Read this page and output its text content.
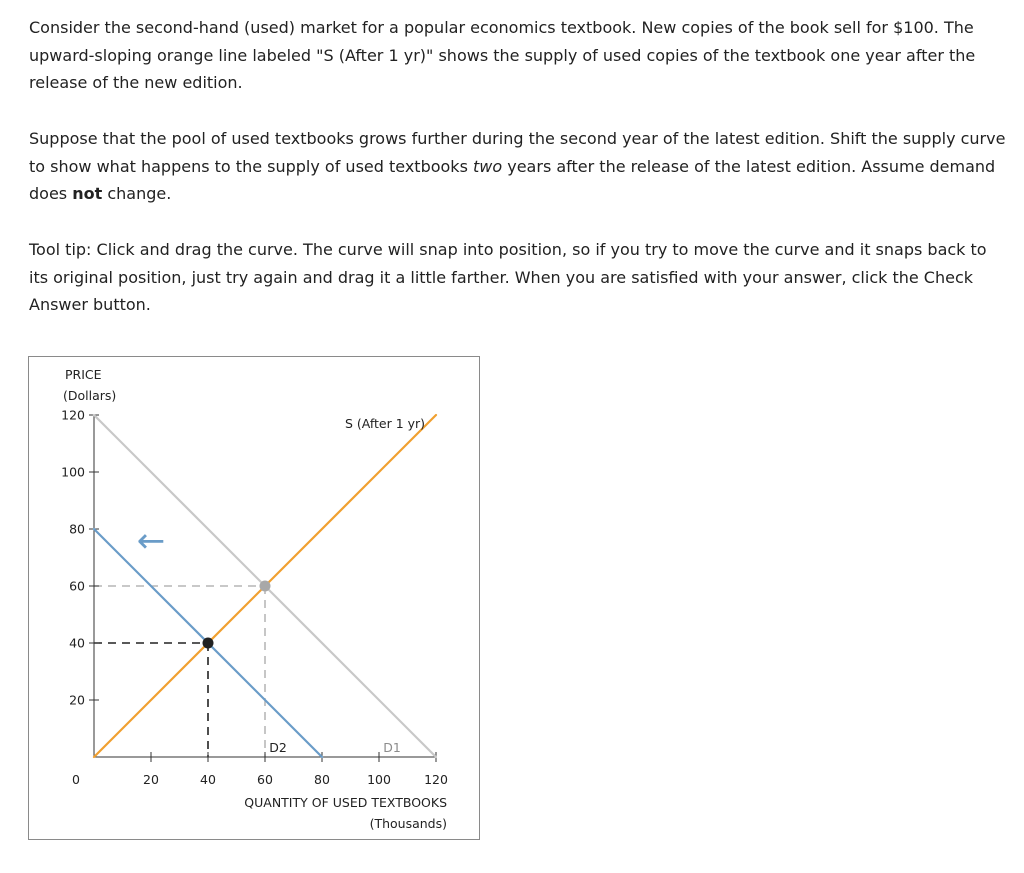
Consider the second-hand (used) market for a popular economics textbook. New copies of the book sell for $100. The upward-sloping orange line labeled "S (After 1 yr)" shows the supply of used copies of the textbook one year after the release of the new edition.

Suppose that the pool of used textbooks grows further during the second year of the latest edition. Shift the supply curve to show what happens to the supply of used textbooks two years after the release of the latest edition. Assume demand does not change.

Tool tip: Click and drag the curve. The curve will snap into position, so if you try to move the curve and it snaps back to its original position, just try again and drag it a little farther. When you are satisfied with your answer, click the Check Answer button.

PRICE
(Dollars)
QUANTITY OF USED TEXTBOOKS
(Thousands)
0
S (After 1 yr)
D1
D2
←
20
40
60
80
100
120
20	40	60	80	100	120
